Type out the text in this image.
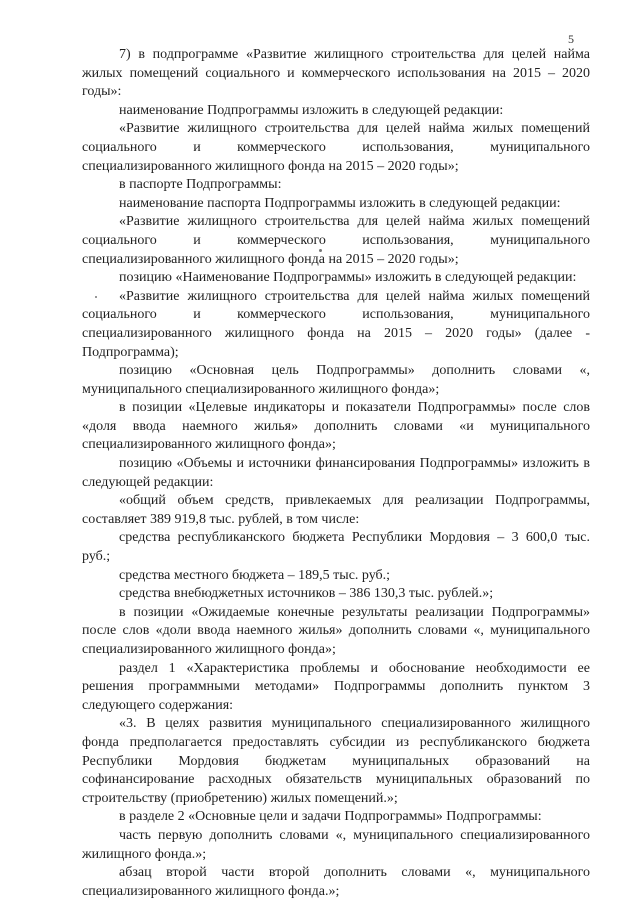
5

7) в подпрограмме «Развитие жилищного строительства для целей найма жилых помещений социального и коммерческого использования на 2015 – 2020 годы»:

наименование Подпрограммы изложить в следующей редакции:

«Развитие жилищного строительства для целей найма жилых помещений социального и коммерческого использования, муниципального специализированного жилищного фонда на 2015 – 2020 годы»;

в паспорте Подпрограммы:

наименование паспорта Подпрограммы изложить в следующей редакции:

«Развитие жилищного строительства для целей найма жилых помещений социального и коммерческого использования, муниципального специализированного жилищного фонда на 2015 – 2020 годы»;

позицию «Наименование Подпрограммы» изложить в следующей редакции:

«Развитие жилищного строительства для целей найма жилых помещений социального и коммерческого использования, муниципального специализированного жилищного фонда на 2015 – 2020 годы» (далее - Подпрограмма);

позицию «Основная цель Подпрограммы» дополнить словами «, муниципального специализированного жилищного фонда»;

в позиции «Целевые индикаторы и показатели Подпрограммы» после слов «доля ввода наемного жилья» дополнить словами «и муниципального специализированного жилищного фонда»;

позицию «Объемы и источники финансирования Подпрограммы» изложить в следующей редакции:

«общий объем средств, привлекаемых для реализации Подпрограммы, составляет 389 919,8 тыс. рублей, в том числе:

средства республиканского бюджета Республики Мордовия – 3 600,0 тыс. руб.;

средства местного бюджета – 189,5 тыс. руб.;

средства внебюджетных источников – 386 130,3 тыс. рублей.»;

в позиции «Ожидаемые конечные результаты реализации Подпрограммы» после слов «доли ввода наемного жилья» дополнить словами «, муниципального специализированного жилищного фонда»;

раздел 1 «Характеристика проблемы и обоснование необходимости ее решения программными методами» Подпрограммы дополнить пунктом 3 следующего содержания:

«3. В целях развития муниципального специализированного жилищного фонда предполагается предоставлять субсидии из республиканского бюджета Республики Мордовия бюджетам муниципальных образований на софинансирование расходных обязательств муниципальных образований по строительству (приобретению) жилых помещений.»;

в разделе 2 «Основные цели и задачи Подпрограммы» Подпрограммы:

часть первую дополнить словами «, муниципального специализированного жилищного фонда.»;

абзац второй части второй дополнить словами «, муниципального специализированного жилищного фонда.»;
